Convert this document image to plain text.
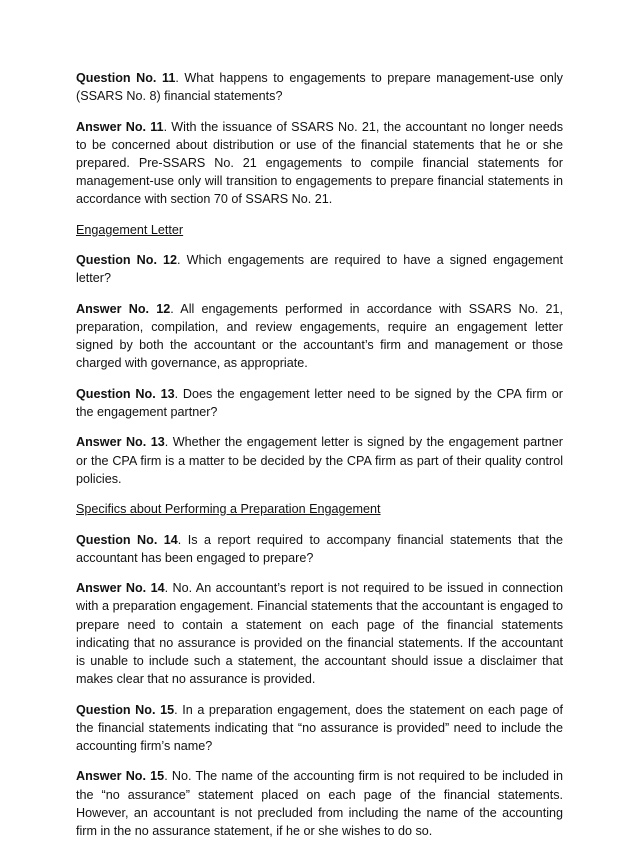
Question No. 11. What happens to engagements to prepare management-use only (SSARS No. 8) financial statements?

Answer No. 11. With the issuance of SSARS No. 21, the accountant no longer needs to be concerned about distribution or use of the financial statements that he or she prepared. Pre-SSARS No. 21 engagements to compile financial statements for management-use only will transition to engagements to prepare financial statements in accordance with section 70 of SSARS No. 21.

Engagement Letter

Question No. 12. Which engagements are required to have a signed engagement letter?

Answer No. 12. All engagements performed in accordance with SSARS No. 21, preparation, compilation, and review engagements, require an engagement letter signed by both the accountant or the accountant’s firm and management or those charged with governance, as appropriate.

Question No. 13. Does the engagement letter need to be signed by the CPA firm or the engagement partner?

Answer No. 13. Whether the engagement letter is signed by the engagement partner or the CPA firm is a matter to be decided by the CPA firm as part of their quality control policies.

Specifics about Performing a Preparation Engagement

Question No. 14. Is a report required to accompany financial statements that the accountant has been engaged to prepare?

Answer No. 14. No. An accountant’s report is not required to be issued in connection with a preparation engagement. Financial statements that the accountant is engaged to prepare need to contain a statement on each page of the financial statements indicating that no assurance is provided on the financial statements. If the accountant is unable to include such a statement, the accountant should issue a disclaimer that makes clear that no assurance is provided.

Question No. 15. In a preparation engagement, does the statement on each page of the financial statements indicating that “no assurance is provided” need to include the accounting firm’s name?

Answer No. 15. No. The name of the accounting firm is not required to be included in the “no assurance” statement placed on each page of the financial statements. However, an accountant is not precluded from including the name of the accounting firm in the no assurance statement, if he or she wishes to do so.
